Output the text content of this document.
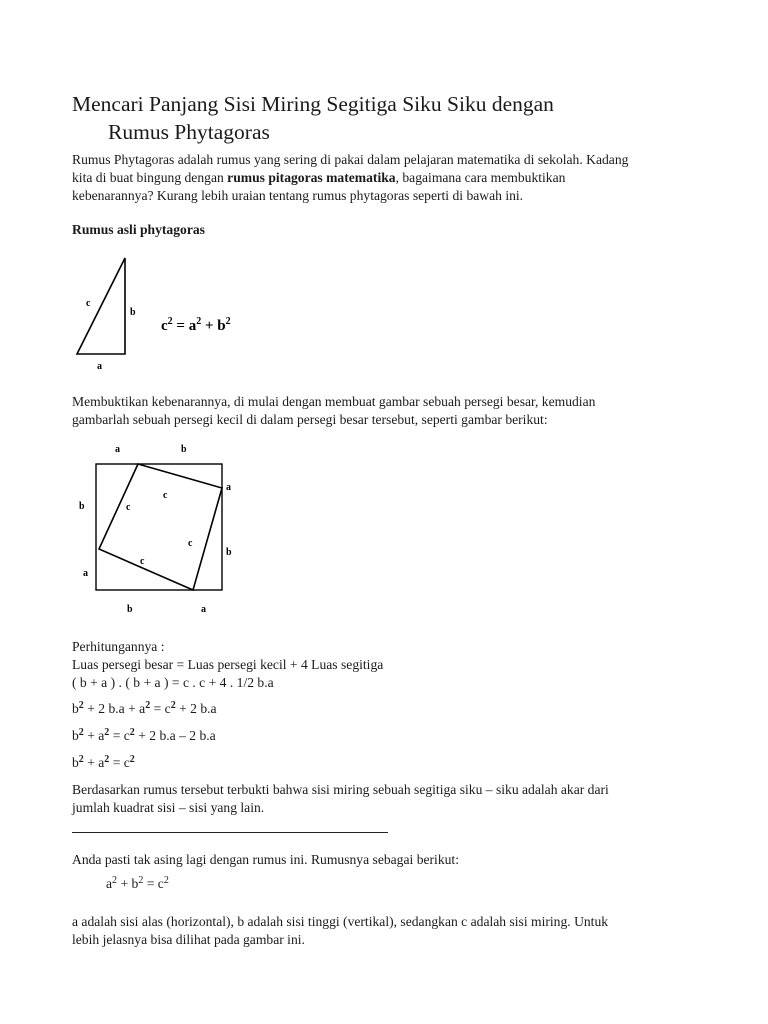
Mencari Panjang Sisi Miring Segitiga Siku Siku dengan
Rumus Phytagoras

Rumus Phytagoras adalah rumus yang sering di pakai dalam pelajaran matematika di sekolah. Kadang
kita di buat bingung dengan rumus pitagoras matematika, bagaimana cara membuktikan
kebenarannya? Kurang lebih uraian tentang rumus phytagoras seperti di bawah ini.

Rumus asli phytagoras

c
b
a
$c^2 = a^2 + b^2$

Membuktikan kebenarannya, di mulai dengan membuat gambar sebuah persegi besar, kemudian
gambarlah sebuah persegi kecil di dalam persegi besar tersebut, seperti gambar berikut:

a	b
b
a
a
b
b	a
c
c
c
c

Perhitungannya :
Luas persegi besar = Luas persegi kecil + 4 Luas segitiga
( b + a ) . ( b + a ) = c . c + 4 . 1/2 b.a

$b^2 + 2$ $b.a + a^2 = c^2 + 2$ b.a
$b^2 + a^2 = c^2 + 2$ b.a – 2 b.a
$b^2 + a^2 = c^2$

Berdasarkan rumus tersebut terbukti bahwa sisi miring sebuah segitiga siku – siku adalah akar dari
jumlah kuadrat sisi – sisi yang lain.

Anda pasti tak asing lagi dengan rumus ini. Rumusnya sebagai berikut:

$a^2 + b^2 = c^2$

a adalah sisi alas (horizontal), b adalah sisi tinggi (vertikal), sedangkan c adalah sisi miring. Untuk
lebih jelasnya bisa dilihat pada gambar ini.
